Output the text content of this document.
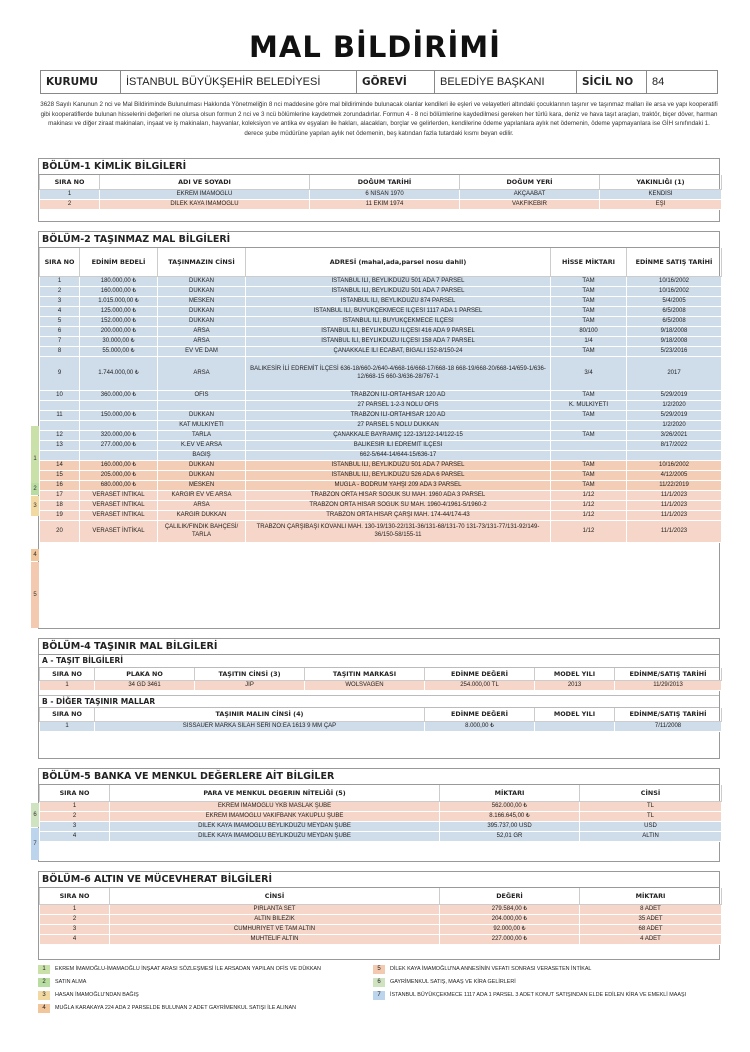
MAL BİLDİRİMİ
KURUMU	İSTANBUL BÜYÜKŞEHİR BELEDİYESİ	GÖREVİ	BELEDİYE BAŞKANI	SİCİL NO	84
3628 Sayılı Kanunun 2 nci ve Mal Bildiriminde Bulunulması Hakkında Yönetmeliğin 8 nci maddesine göre mal bildiriminde bulunacak olanlar kendileri ile eşleri ve velayetleri altındaki çocuklarının taşınır ve taşınmaz malları ile arsa ve yapı kooperatifi gibi kooperatiflerde bulunan hisselerini değerleri ne olursa olsun formun 2 nci ve 3 ncü bölümlerine kaydetmek zorundadırlar. Formun 4 - 8 nci bölümlerine kaydedilmesi gereken her türlü kara, deniz ve hava taşıt araçları, traktör, biçer döver, harman makinası ve diğer ziraat makinaları, inşaat ve iş makinaları, hayvanlar, koleksiyon ve antika ev eşyaları ile hakları, alacakları, borçlar ve gelirlerden, kendilerine ödeme yapılanlara aylık net ödemenin, ödeme yapmayanlara ise GİH sınıfındaki 1. derece şube müdürüne yapılan aylık net ödemenin, beş katından fazla tutardaki kısmı beyan edilir.
BÖLÜM-1 KİMLİK BİLGİLERİ
SIRA NO	ADI VE SOYADI	DOĞUM TARİHİ	DOĞUM YERİ	YAKINLIĞI (1)
1	EKREM İMAMOĞLU	6 NİSAN 1970	AKÇAABAT	KENDİSİ
2	DİLEK KAYA İMAMOĞLU	11 EKİM 1974	VAKFIKEBİR	EŞİ
BÖLÜM-2 TAŞINMAZ MAL BİLGİLERİ
SIRA NO	EDİNİM BEDELİ	TAŞINMAZIN CİNSİ	ADRESİ (mahal,ada,parsel nosu dahil)	HİSSE MİKTARI	EDİNME SATIŞ TARİHİ
1	180.000,00 ₺	DÜKKAN	İSTANBUL İLİ, BEYLİKDÜZÜ 501 ADA 7 PARSEL	TAM	10/16/2002
2	160.000,00 ₺	DÜKKAN	İSTANBUL İLİ, BEYLİKDÜZÜ 501 ADA 7 PARSEL	TAM	10/16/2002
3	1.015.000,00 ₺	MESKEN	İSTANBUL İLİ, BEYLİKDÜZÜ 874 PARSEL	TAM	5/4/2005
4	125.000,00 ₺	DÜKKAN	İSTANBUL İLİ, BÜYÜKÇEKMECE İLÇESİ 1117 ADA 1 PARSEL	TAM	6/5/2008
5	152.000,00 ₺	DÜKKAN	İSTANBUL İLİ, BÜYÜKÇEKMECE İLÇESİ	TAM	6/5/2008
6	200.000,00 ₺	ARSA	İSTANBUL İLİ, BEYLİKDÜZÜ İLÇESİ 416 ADA 9 PARSEL	80/100	9/18/2008
7	30.000,00 ₺	ARSA	İSTANBUL İLİ, BEYLİKDÜZÜ İLÇESİ 158 ADA 7 PARSEL	1/4	9/18/2008
8	55.000,00 ₺	EV VE DAM	ÇANAKKALE İLİ ECABAT, BIGALI 152-8/150-24	TAM	5/23/2016
9	1.744.000,00 ₺	ARSA	BALIKESİR İLİ EDREMİT İLÇESİ 636-18/660-2/640-4/668-16/668-17/668-18 668-19/668-20/668-14/659-1/636-12/668-15 660-3/636-28/767-1	3/4	2017
10	360.000,00 ₺	OFİS	TRABZON İLİ-ORTAHİSAR 120 AD	TAM	5/29/2019
			27 PARSEL 1-2-3 NOLU OFİS	K. MÜLKİYETİ	1/2/2020
11	150.000,00 ₺	DÜKKAN	TRABZON İLİ-ORTAHİSAR 120 AD	TAM	5/29/2019
		KAT MÜLKİYETİ	27 PARSEL 5 NOLU DÜKKAN		1/2/2020
12	320.000,00 ₺	TARLA	ÇANAKKALE BAYRAMİÇ 122-13/122-14/122-15	TAM	3/26/2021
13	277.000,00 ₺	K.EV VE ARSA	BALIKESİR İLİ EDREMİT İLÇESİ		8/17/2022
		BAĞIŞ	662-5/644-14/644-15/636-17		
14	160.000,00 ₺	DÜKKAN	İSTANBUL İLİ, BEYLİKDÜZÜ 501 ADA 7 PARSEL	TAM	10/16/2002
15	205.000,00 ₺	DÜKKAN	İSTANBUL İLİ, BEYLİKDÜZÜ 526 ADA 6 PARSEL	TAM	4/12/2005
16	680.000,00 ₺	MESKEN	MUĞLA - BODRUM YAHŞİ 209 ADA 3 PARSEL	TAM	11/22/2019
17	VERASET İNTİKAL	KARGİR EV VE ARSA	TRABZON ORTA HİSAR SOĞUK SU MAH. 1960 ADA 3 PARSEL	1/12	11/1/2023
18	VERASET İNTİKAL	ARSA	TRABZON ORTA HİSAR SOĞUK SU MAH. 1960-4/1961-5/1960-2	1/12	11/1/2023
19	VERASET İNTİKAL	KARGİR DÜKKAN	TRABZON ORTA HİSAR ÇARŞI MAH. 174-44/174-43	1/12	11/1/2023
20	VERASET İNTİKAL	ÇALILIK/FINDIK BAHÇESİ/ TARLA	TRABZON ÇARŞIBAŞI KOVANLI MAH. 130-19/130-22/131-36/131-68/131-70 131-73/131-77/131-92/149-36/150-58/155-11	1/12	11/1/2023
BÖLÜM-4 TAŞINIR MAL BİLGİLERİ
A - TAŞIT BİLGİLERİ
SIRA NO	PLAKA NO	TAŞITIN CİNSİ (3)	TAŞITIN MARKASI	EDİNME DEĞERİ	MODEL YILI	EDİNME/SATIŞ TARİHİ
1	34 GD 3461	JİP	WOLSVAGEN	254.000,00 TL	2013	11/29/2013
B - DİĞER TAŞINIR MALLAR
SIRA NO	TAŞINIR MALIN CİNSİ (4)	EDİNME DEĞERİ	MODEL YILI	EDİNME/SATIŞ TARİHİ
1	SİSSAUER MARKA SİLAH SERİ NO:EA 1613 9 MM ÇAP	8.000,00 ₺		7/11/2008
BÖLÜM-5 BANKA VE MENKUL DEĞERLERE AİT BİLGİLER
SIRA NO	PARA VE MENKUL DEGERIN NİTELİĞİ (5)	MİKTARI	CİNSİ
1	EKREM İMAMOĞLU YKB MASLAK ŞUBE	562.000,00 ₺	TL
2	EKREM İMAMOĞLU VAKIFBANK YAKUPLU ŞUBE	8.166.645,00 ₺	TL
3	DİLEK KAYA İMAMOĞLU BEYLİKDÜZÜ MEYDAN ŞUBE	395.737,00 USD	USD
4	DİLEK KAYA İMAMOĞLU BEYLİKDÜZÜ MEYDAN ŞUBE	52,01 GR	ALTIN
BÖLÜM-6 ALTIN VE MÜCEVHERAT BİLGİLERİ
SIRA NO	CİNSİ	DEĞERİ	MİKTARI
1	PIRLANTA SET	279.584,00 ₺	8 ADET
2	ALTIN BİLEZİK	204.000,00 ₺	35 ADET
3	CUMHURİYET VE TAM ALTIN	92.000,00 ₺	68 ADET
4	MUHTELİF ALTIN	227.000,00 ₺	4 ADET
1
2
3
4
5
6
7
1	EKREM İMAMOĞLU-İMAMAOĞLU İNŞAAT ARASI SÖZLEŞMESİ İLE ARSADAN YAPILAN OFİS VE DÜKKAN
2	SATIN ALMA
3	HASAN İMAMOĞLU'NDAN BAĞIŞ
4	MUĞLA KARAKAYA 224 ADA 2 PARSELDE BULUNAN 2 ADET GAYRİMENKUL SATIŞI İLE ALINAN
5	DİLEK KAYA İMAMOĞLU'NA ANNESİNİN VEFATI SONRASI VERASETEN İNTİKAL
6	GAYRİMENKUL SATIŞ, MAAŞ VE KİRA GELİRLERİ
7	İSTANBUL BÜYÜKÇEKMECE 1117 ADA 1 PARSEL 3 ADET KONUT SATIŞINDAN ELDE EDİLEN KİRA VE EMEKLİ MAAŞI
